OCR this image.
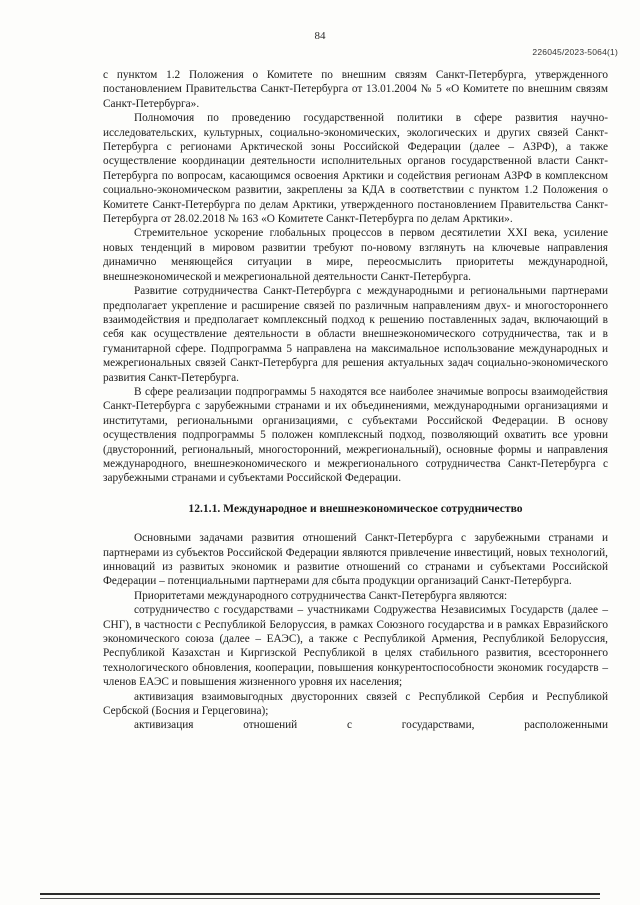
84
226045/2023-5064(1)

с пунктом 1.2 Положения о Комитете по внешним связям Санкт-Петербурга, утвержденного постановлением Правительства Санкт-Петербурга от 13.01.2004 № 5 «О Комитете по внешним связям Санкт-Петербурга».

Полномочия по проведению государственной политики в сфере развития научно-исследовательских, культурных, социально-экономических, экологических и других связей Санкт-Петербурга с регионами Арктической зоны Российской Федерации (далее – АЗРФ), а также осуществление координации деятельности исполнительных органов государственной власти Санкт-Петербурга по вопросам, касающимся освоения Арктики и содействия регионам АЗРФ в комплексном социально-экономическом развитии, закреплены за КДА в соответствии с пунктом 1.2 Положения о Комитете Санкт-Петербурга по делам Арктики, утвержденного постановлением Правительства Санкт-Петербурга от 28.02.2018 № 163 «О Комитете Санкт-Петербурга по делам Арктики».

Стремительное ускорение глобальных процессов в первом десятилетии XXI века, усиление новых тенденций в мировом развитии требуют по-новому взглянуть на ключевые направления динамично меняющейся ситуации в мире, переосмыслить приоритеты международной, внешнеэкономической и межрегиональной деятельности Санкт-Петербурга.

Развитие сотрудничества Санкт-Петербурга с международными и региональными партнерами предполагает укрепление и расширение связей по различным направлениям двух- и многостороннего взаимодействия и предполагает комплексный подход к решению поставленных задач, включающий в себя как осуществление деятельности в области внешнеэкономического сотрудничества, так и в гуманитарной сфере. Подпрограмма 5 направлена на максимальное использование международных и межрегиональных связей Санкт-Петербурга для решения актуальных задач социально-экономического развития Санкт-Петербурга.

В сфере реализации подпрограммы 5 находятся все наиболее значимые вопросы взаимодействия Санкт-Петербурга с зарубежными странами и их объединениями, международными организациями и институтами, региональными организациями, с субъектами Российской Федерации. В основу осуществления подпрограммы 5 положен комплексный подход, позволяющий охватить все уровни (двусторонний, региональный, многосторонний, межрегиональный), основные формы и направления международного, внешнеэкономического и межрегионального сотрудничества Санкт-Петербурга с зарубежными странами и субъектами Российской Федерации.

12.1.1. Международное и внешнеэкономическое сотрудничество

Основными задачами развития отношений Санкт-Петербурга с зарубежными странами и партнерами из субъектов Российской Федерации являются привлечение инвестиций, новых технологий, инноваций из развитых экономик и развитие отношений со странами и субъектами Российской Федерации – потенциальными партнерами для сбыта продукции организаций Санкт-Петербурга.

Приоритетами международного сотрудничества Санкт-Петербурга являются:

сотрудничество с государствами – участниками Содружества Независимых Государств (далее – СНГ), в частности с Республикой Белоруссия, в рамках Союзного государства и в рамках Евразийского экономического союза (далее – ЕАЭС), а также с Республикой Армения, Республикой Белоруссия, Республикой Казахстан и Киргизской Республикой в целях стабильного развития, всестороннего технологического обновления, кооперации, повышения конкурентоспособности экономик государств – членов ЕАЭС и повышения жизненного уровня их населения;

активизация взаимовыгодных двусторонних связей с Республикой Сербия и Республикой Сербской (Босния и Герцеговина);

активизация отношений с государствами, расположенными
